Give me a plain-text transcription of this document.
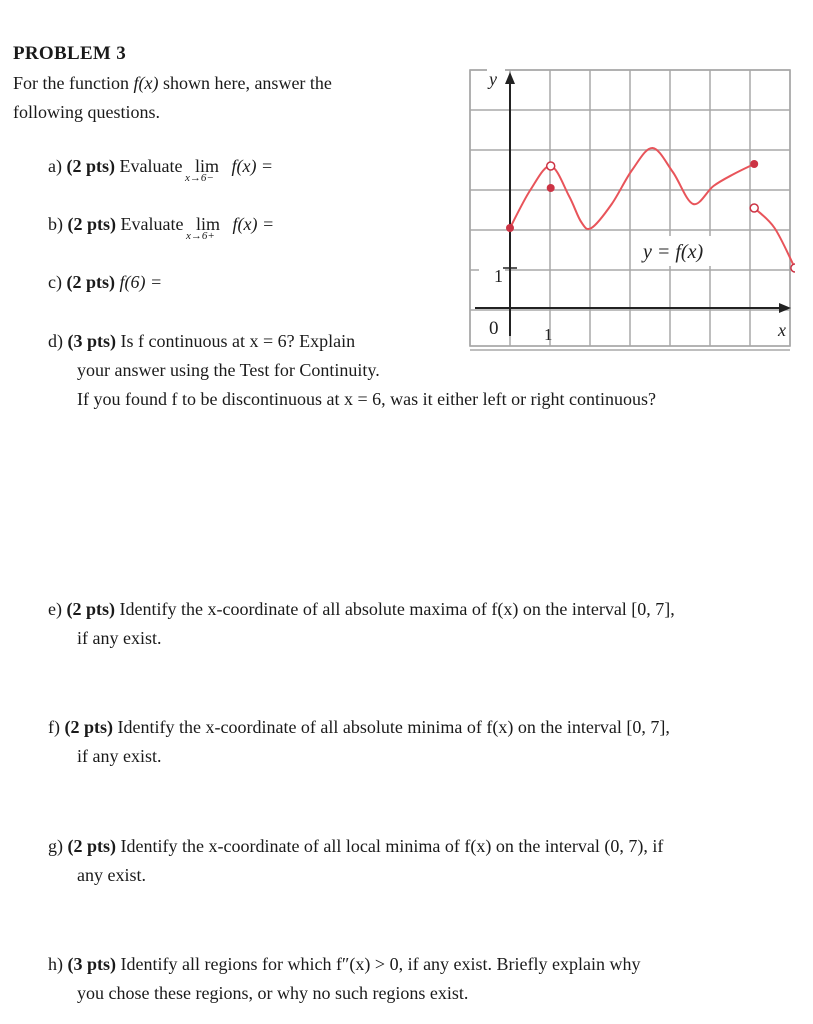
PROBLEM 3
For the function f(x) shown here, answer the
following questions.
a) (2 pts) Evaluate lim
x→6−
f(x) =
b) (2 pts) Evaluate lim
x→6+
f(x) =
c) (2 pts) f(6) =
d) (3 pts) Is f continuous at x = 6? Explain
your answer using the Test for Continuity.
If you found f to be discontinuous at x = 6, was it either left or right continuous?
e) (2 pts) Identify the x-coordinate of all absolute maxima of f(x) on the interval [0, 7],
if any exist.
f) (2 pts) Identify the x-coordinate of all absolute minima of f(x) on the interval [0, 7],
if any exist.
g) (2 pts) Identify the x-coordinate of all local minima of f(x) on the interval (0, 7), if
any exist.
h) (3 pts) Identify all regions for which f″(x) > 0, if any exist. Briefly explain why
you chose these regions, or why no such regions exist.
y
x
0	1
1
y = f(x)
